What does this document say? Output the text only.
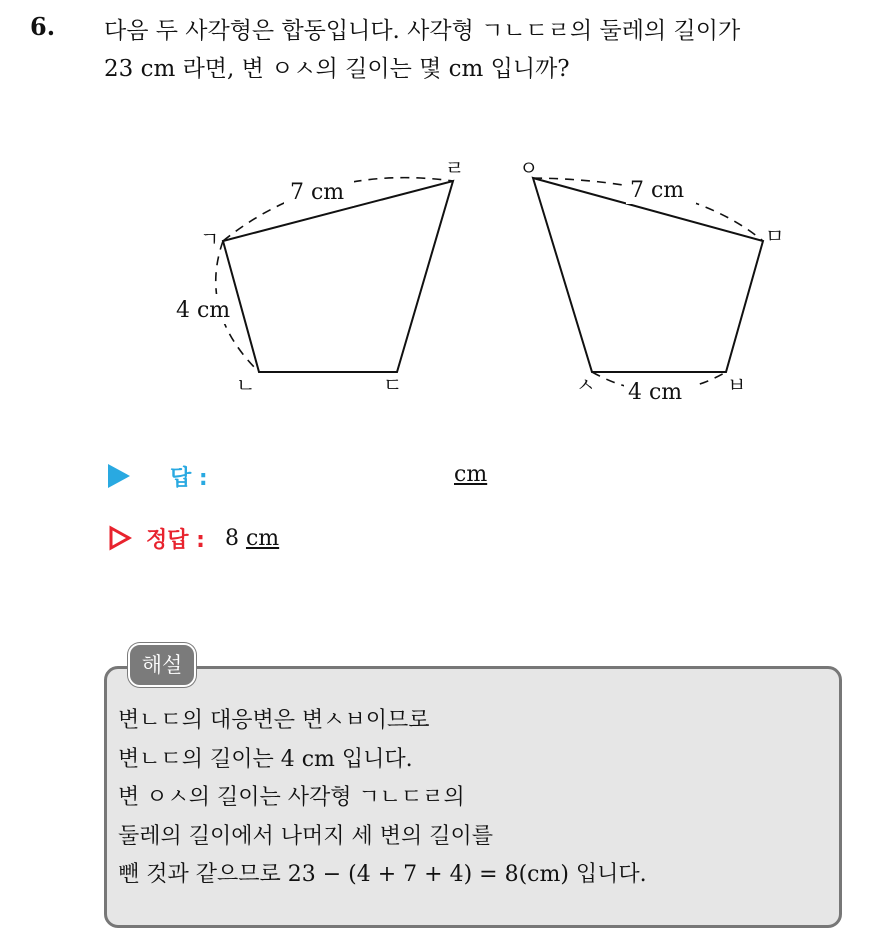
6. 다음 두 사각형은 합동입니다. 사각형 ㄱㄴㄷㄹ의 둘레의 길이가
23 cm 라면, 변 ㅇㅅ의 길이는 몇 cm 입니까?
7 cm
4 cm
ㄱ
ㄴ	ㄷ
ㄹ
7 cm
4 cm
ㅇ
ㅁ
ㅂ
ㅅ
답 :	cm
정답 : 8 cm
해설
변ㄴㄷ의 대응변은 변ㅅㅂ이므로
변ㄴㄷ의 길이는 4 cm 입니다.
변 ㅇㅅ의 길이는 사각형 ㄱㄴㄷㄹ의
둘레의 길이에서 나머지 세 변의 길이를
뺀 것과 같으므로 23 − (4 + 7 + 4) = 8(cm) 입니다.
